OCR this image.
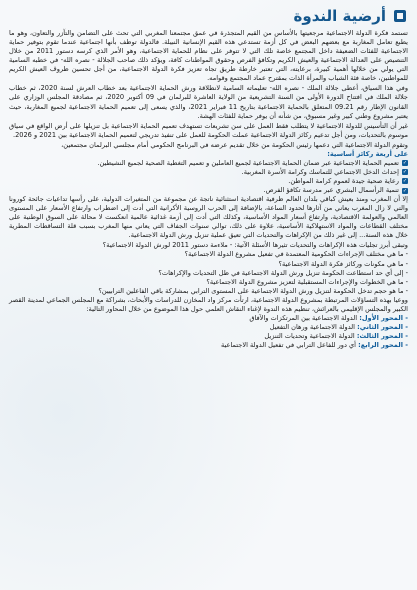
أرضية الندوة

تستمد فكرة الدولة الاجتماعية مرجعيتها بالأساس من القيم المتجذرة في عمق مجتمعنا المغربي التي تحث على التضامن والتآزر والتعاون، وهو ما يطبع تعامل المغاربة مع بعضهم البعض في كل أزمة تستدعي هذه القيم الإنسانية النبيلة. فالدولة توظف بأنها اجتماعية عندما تقوم بتوفير حماية الاجتماعية للفئات الضعيفة داخل المجتمع خاصة تلك التي لا تتوفر على نظام للحماية الاجتماعية، وهو الأمر الذي كرسه دستور 2011 من خلال التنصيص على العدالة الاجتماعية والعيش الكريم وتكافؤ الفرص وحقوق المواطنات كافة، ويؤكد ذلك صاحب الجلالة - نصره الله- في خطبه السامية التي يولي من خلالها أهمية كبيرة، برعايته، التي تعتبر خارطة طريق تجاه تعزيز فكرة الدولة الاجتماعية، من أجل تحسين ظروف العيش الكريم للمواطنين، خاصة فئة الشباب والمرأة الذات بمقترح عماد المجتمع وقوامه.

وفي هذا السياق، أعطى جلالة الملك - نصره الله- تعليماته السامية لانطلاقة ورش الحماية الاجتماعية بعد خطاب العرش لسنة 2020، ثم خطاب جلالة الملك في افتتاح الدورة الأولى من السنة التشريعية من الولاية العاشرة للبرلمان في 09 أكتوبر 2020، ثم مصادقة المجلس الوزاري على القانون الإطار رقم 09.21 المتعلق بالحماية الاجتماعية بتاريخ 11 فبراير 2021، والذي يسعى إلى تعميم الحماية الاجتماعية لجميع المغاربة، حيث يعتبر مشروع وطني كبير وغير مسبوق، من شأنه أن يوفر حماية للفئات الهشة.

غير أن التأسيس للدولة الاجتماعية لا يتطلب فقط العمل على سن تشريعات تستهدف تعميم الحماية الاجتماعية بل تنزيلها على أرض الواقع في سياق موسوم بالتحديات، ومن أجل تدعيم ركائز الدولة الاجتماعية عملت الحكومة للعمل على تنفيذ تدريجي لتعميم الحماية الاجتماعية بين 2021 و 2026.

وتقوم الدولة الاجتماعية التي دعمها رئيس الحكومة من خلال تقديم عرضه في البرنامج الحكومي أمام مجلسي البرلمان مجتمعين،

على أربعة ركائز أساسية:

✓
تعميم الحماية الاجتماعية عبر ضمان الحماية الاجتماعية لجميع العاملين و تعميم التغطية الصحية لجميع النشيطين.
✓
إحداث الدخل الاجتماعي للتماسك وكرامة الأسرة المغربية.
✓
رعاية صحية جيدة لعموم كرامة المواطن.
✓
تنمية الرأسمال البشري عبر مدرسة تكافؤ الفرص.

إلا أن المغرب ومنذ بعيش كباقي بلدان العالم ظرفية اقتصادية استثنائية ناتجة عن مجموعة من المتغيرات الدولية، على رأسها تداعيات جائحة كورونا والتي لا زال المغرب يعاني من آثارها لحدود الساعة، بالإضافة إلى الحرب الروسية الأكرانية التي أدت إلى اضطراب وارتفاع الأسعار على المستوى العالمي والعولمة الاقتصادية، وارتفاع أسعار المواد الأساسية، وكذلك التي أدت إلى أزمة غذائية عالمية انعكست لا محالة على السوق الوطنية على مختلف القطاعات والمواد الاستهلاكية الأساسية، علاوة على ذلك، توالي سنوات الجفاف التي يعاني منها المغرب بسبب قلة التساقطات المطرية خلال هذه السنة... إلى غير ذلك من الإكراهات والتحديات التي تعيق عملية تنزيل ورش الدولة الاجتماعية.

وتبقى أبرز تجليات هذه الإكراهات والتحديات تثيرها الأسئلة الآتية: - ملاءمة دستور 2011 لورش الدولة الاجتماعية؟

- ما هي مختلف الإجراءات الحكومية المعتمدة في تفعيل مشروع الدولة الاجتماعية؟

- ما هي مكونات وركائز فكرة الدولة الاجتماعية؟

- إلى أي حد استطاعت الحكومة تنزيل ورش الدولة الاجتماعية في ظل التحديات والإكراهات؟

- ما هي الخطوات والإجراءات المستقبلية لتعزيز مشروع الدولة الاجتماعية؟

- ما هو حجم تدخل الحكومة لتنزيل ورش الدولة الاجتماعية على المستوى الترابي بمشاركة باقي الفاعلين الترابيين؟

ووعيا بهذه التساؤلات المرتبطة بمشروع الدولة الاجتماعية، ارتأت مركز واد المخازن للدراسات والأبحاث، بشراكة مع المجلس الجماعي لمدينة القصر الكبير والمجلس الإقليمي بالعرائش، تنظيم هذه الندوة لإغناء النقاش العلمي حول هذا الموضوع من خلال المحاور التالية:

- المحور الأول: الدولة الاجتماعية بين المرتكزات والآفاق

- المحور الثاني: الدولة الاجتماعية ورهان التفعيل

- المحور الثالث: الدولة الاجتماعية وتحديات التنزيل

- المحور الرابع: أي دور للفاعل الترابي في تفعيل الدولة الاجتماعية
